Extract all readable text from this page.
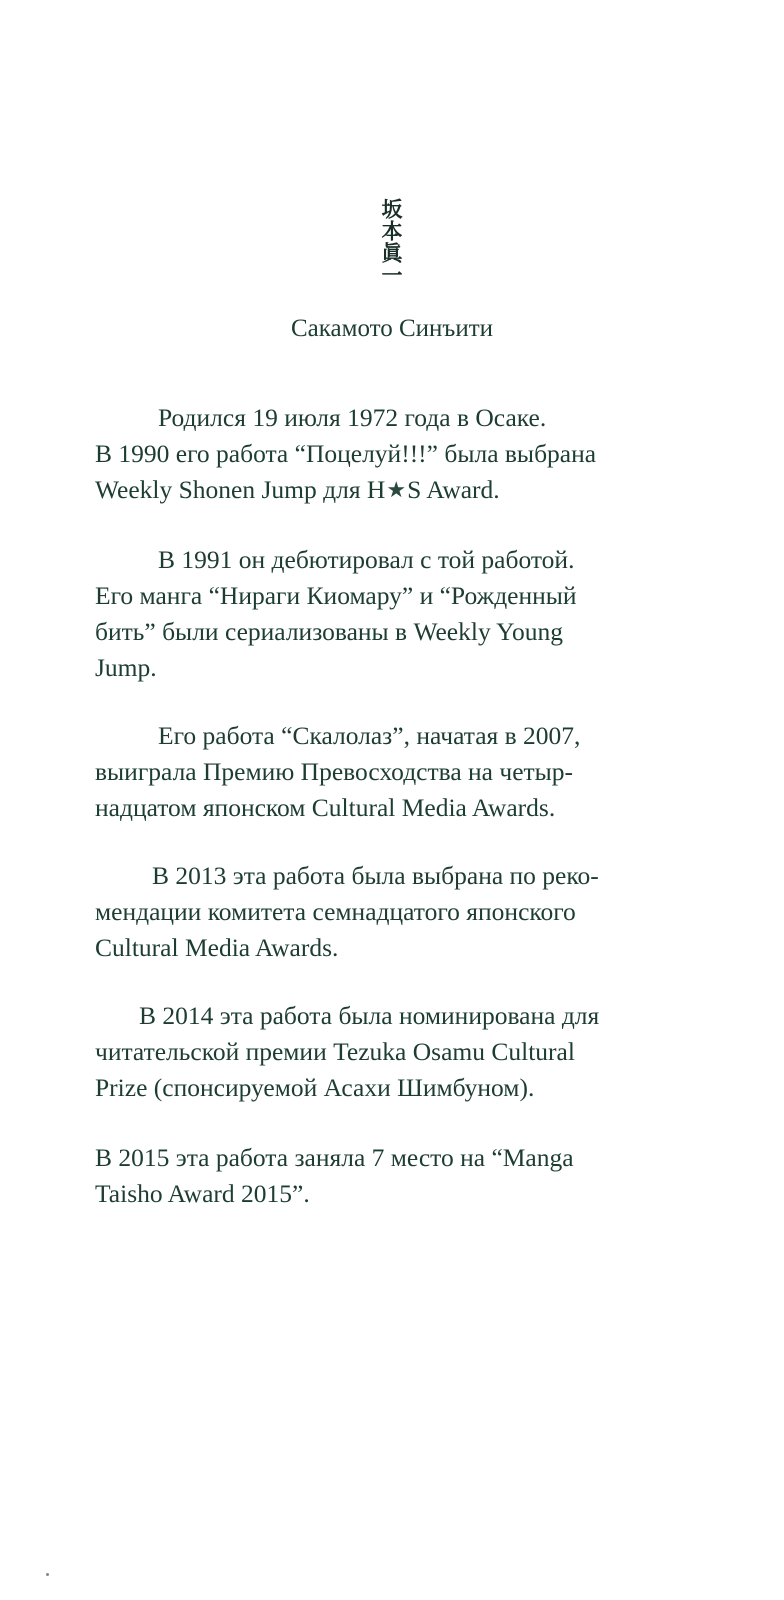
坂本眞一
Сакамото Синъити
Родился 19 июля 1972 года в Осаке.
В 1990 его работа “Поцелуй!!!” была выбрана
Weekly Shonen Jump для H★S Award.
В 1991 он дебютировал с той работой.
Его манга “Нираги Киомару” и “Рожденный
бить” были сериализованы в Weekly Young
Jump.
Его работа “Скалолаз”, начатая в 2007,
выиграла Премию Превосходства на четыр-
надцатом японском Cultural Media Awards.
В 2013 эта работа была выбрана по реко-
мендации комитета семнадцатого японского
Cultural Media Awards.
В 2014 эта работа была номинирована для
читательской премии Tezuka Osamu Cultural
Prize (спонсируемой Асахи Шимбуном).
В 2015 эта работа заняла 7 место на “Manga
Taisho Award 2015”.
